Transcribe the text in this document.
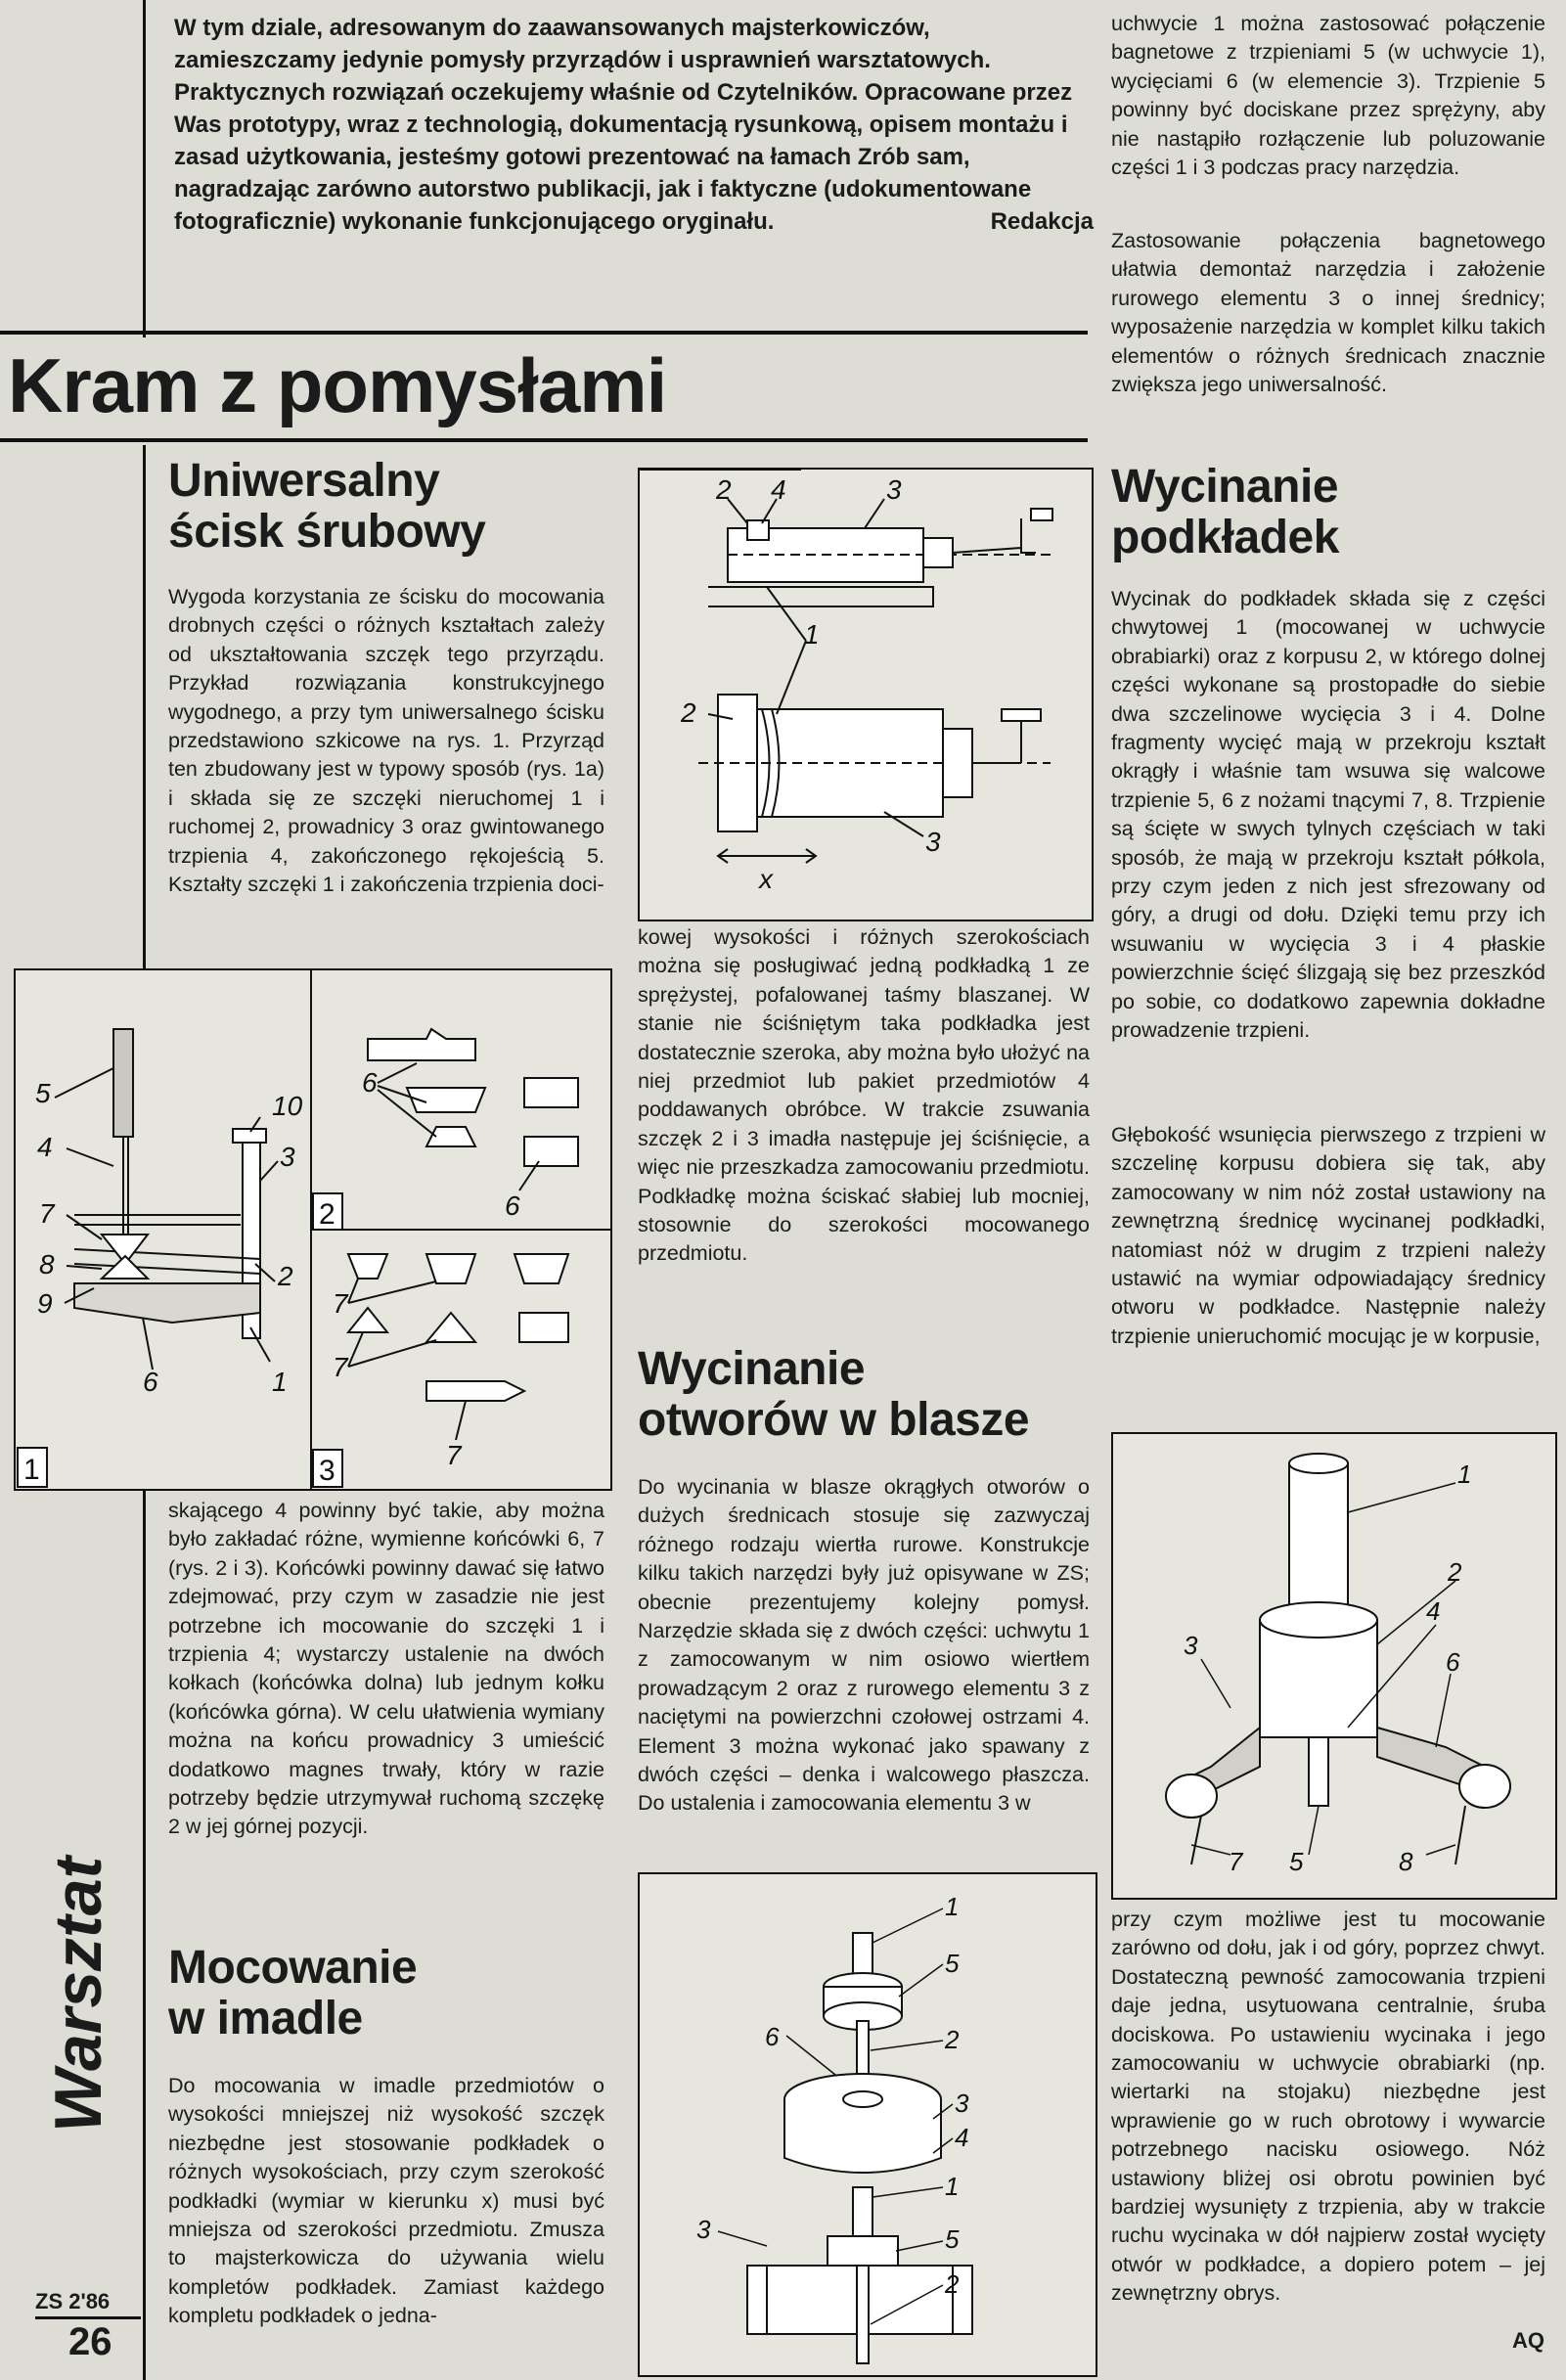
W tym dziale, adresowanym do zaawansowanych majsterkowiczów, zamieszczamy jedynie pomysły przyrządów i usprawnień warsztatowych. Praktycznych rozwiązań oczekujemy właśnie od Czytelników. Opracowane przez Was prototypy, wraz z technologią, dokumentacją rysunkową, opisem montażu i zasad użytkowania, jesteśmy gotowi prezentować na łamach Zrób sam, nagradzając zarówno autorstwo publikacji, jak i faktyczne (udokumentowane fotograficznie) wykonanie funkcjonującego oryginału.	Redakcja
Kram z pomysłami
Uniwersalny
ścisk śrubowy
Wygoda korzystania ze ścisku do mocowania drobnych części o różnych kształtach zależy od ukształtowania szczęk tego przyrządu. Przykład rozwiązania konstrukcyjnego wygodnego, a przy tym uniwersalnego ścisku przedstawiono szkicowe na rys. 1. Przyrząd ten zbudowany jest w typowy sposób (rys. 1a) i składa się ze szczęki nieruchomej 1 i ruchomej 2, prowadnicy 3 oraz gwintowanego trzpienia 4, zakończonego rękojeścią 5. Kształty szczęki 1 i zakończenia trzpienia doci-
5	10
4	3
7
8	2
9
6	1
6
6
7
7
7
1
2
3
skającego 4 powinny być takie, aby można było zakładać różne, wymienne końcówki 6, 7 (rys. 2 i 3). Końcówki powinny dawać się łatwo zdejmować, przy czym w zasadzie nie jest potrzebne ich mocowanie do szczęki 1 i trzpienia 4; wystarczy ustalenie na dwóch kołkach (końcówka dolna) lub jednym kołku (końcówka górna). W celu ułatwienia wymiany można na końcu prowadnicy 3 umieścić dodatkowo magnes trwały, który w razie potrzeby będzie utrzymywał ruchomą szczękę 2 w jej górnej pozycji.
Mocowanie
w imadle
Do mocowania w imadle przedmiotów o wysokości mniejszej niż wysokość szczęk niezbędne jest stosowanie podkładek o różnych wysokościach, przy czym szerokość podkładki (wymiar w kierunku x) musi być mniejsza od szerokości przedmiotu. Zmusza to majsterkowicza do używania wielu kompletów podkładek. Zamiast każdego kompletu podkładek o jedna-
Warsztat
ZS 2'86
26
2 4	3
1
2
3
x
kowej wysokości i różnych szerokościach można się posługiwać jedną podkładką 1 ze sprężystej, pofalowanej taśmy blaszanej. W stanie nie ściśniętym taka podkładka jest dostatecznie szeroka, aby można było ułożyć na niej przedmiot lub pakiet przedmiotów 4 poddawanych obróbce. W trakcie zsuwania szczęk 2 i 3 imadła następuje jej ściśnięcie, a więc nie przeszkadza zamocowaniu przedmiotu. Podkładkę można ściskać słabiej lub mocniej, stosownie do szerokości mocowanego przedmiotu.
Wycinanie
otworów w blasze
Do wycinania w blasze okrągłych otworów o dużych średnicach stosuje się zazwyczaj różnego rodzaju wiertła rurowe. Konstrukcje kilku takich narzędzi były już opisywane w ZS; obecnie prezentujemy kolejny pomysł. Narzędzie składa się z dwóch części: uchwytu 1 z zamocowanym w nim osiowo wiertłem prowadzącym 2 oraz z rurowego elementu 3 z naciętymi na powierzchni czołowej ostrzami 4. Element 3 można wykonać jako spawany z dwóch części – denka i walcowego płaszcza. Do ustalenia i zamocowania elementu 3 w
1
5
6	2
3
4
1
3	5
2
uchwycie 1 można zastosować połączenie bagnetowe z trzpieniami 5 (w uchwycie 1), wycięciami 6 (w elemencie 3). Trzpienie 5 powinny być dociskane przez sprężyny, aby nie nastąpiło rozłączenie lub poluzowanie części 1 i 3 podczas pracy narzędzia.
Zastosowanie połączenia bagnetowego ułatwia demontaż narzędzia i założenie rurowego elementu 3 o innej średnicy; wyposażenie narzędzia w komplet kilku takich elementów o różnych średnicach znacznie zwiększa jego uniwersalność.
Wycinanie
podkładek
Wycinak do podkładek składa się z części chwytowej 1 (mocowanej w uchwycie obrabiarki) oraz z korpusu 2, w którego dolnej części wykonane są prostopadłe do siebie dwa szczelinowe wycięcia 3 i 4. Dolne fragmenty wycięć mają w przekroju kształt okrągły i właśnie tam wsuwa się walcowe trzpienie 5, 6 z nożami tnącymi 7, 8. Trzpienie są ścięte w swych tylnych częściach w taki sposób, że mają w przekroju kształt półkola, przy czym jeden z nich jest sfrezowany od góry, a drugi od dołu. Dzięki temu przy ich wsuwaniu w wycięcia 3 i 4 płaskie powierzchnie ścięć ślizgają się bez przeszkód po sobie, co dodatkowo zapewnia dokładne prowadzenie trzpieni.
Głębokość wsunięcia pierwszego z trzpieni w szczelinę korpusu dobiera się tak, aby zamocowany w nim nóż został ustawiony na zewnętrzną średnicę wycinanej podkładki, natomiast nóż w drugim z trzpieni należy ustawić na wymiar odpowiadający średnicy otworu w podkładce. Następnie należy trzpienie unieruchomić mocując je w korpusie,
1
2
4
3
6
7 5	8
przy czym możliwe jest tu mocowanie zarówno od dołu, jak i od góry, poprzez chwyt. Dostateczną pewność zamocowania trzpieni daje jedna, usytuowana centralnie, śruba dociskowa. Po ustawieniu wycinaka i jego zamocowaniu w uchwycie obrabiarki (np. wiertarki na stojaku) niezbędne jest wprawienie go w ruch obrotowy i wywarcie potrzebnego nacisku osiowego. Nóż ustawiony bliżej osi obrotu powinien być bardziej wysunięty z trzpienia, aby w trakcie ruchu wycinaka w dół najpierw został wycięty otwór w podkładce, a dopiero potem – jej zewnętrzny obrys.
AQ
